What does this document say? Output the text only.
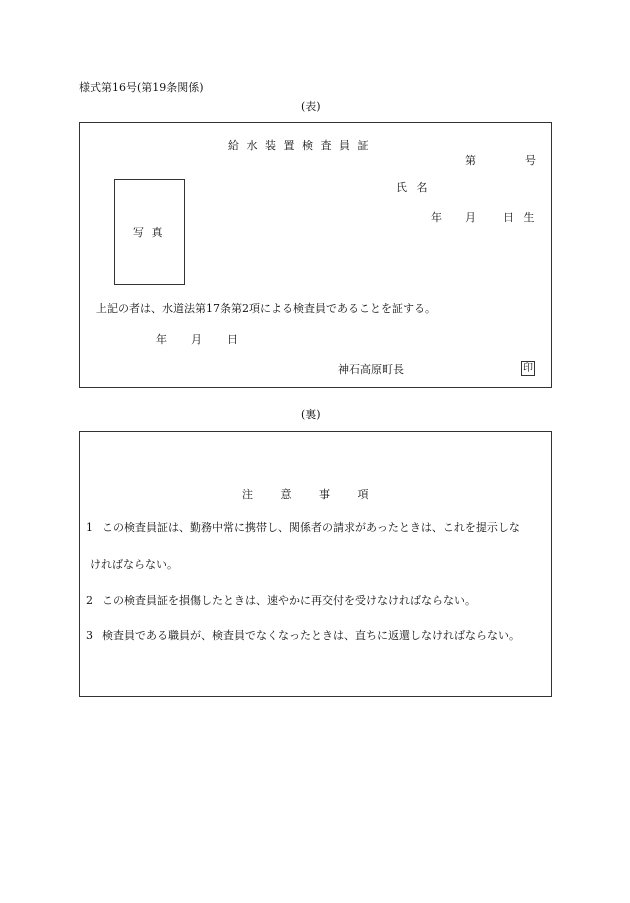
様式第16号(第19条関係)
(表)
給 水 装 置 検 査 員 証
第	号
写 真
氏 名
年 月 日 生
上記の者は、水道法第17条第2項による検査員であることを証する。
年 月 日
神石高原町長	印
(裏)
注 意 事 項
1 この検査員証は、勤務中常に携帯し、関係者の請求があったときは、これを提示しな
ければならない。
2 この検査員証を損傷したときは、速やかに再交付を受けなければならない。
3 検査員である職員が、検査員でなくなったときは、直ちに返還しなければならない。
